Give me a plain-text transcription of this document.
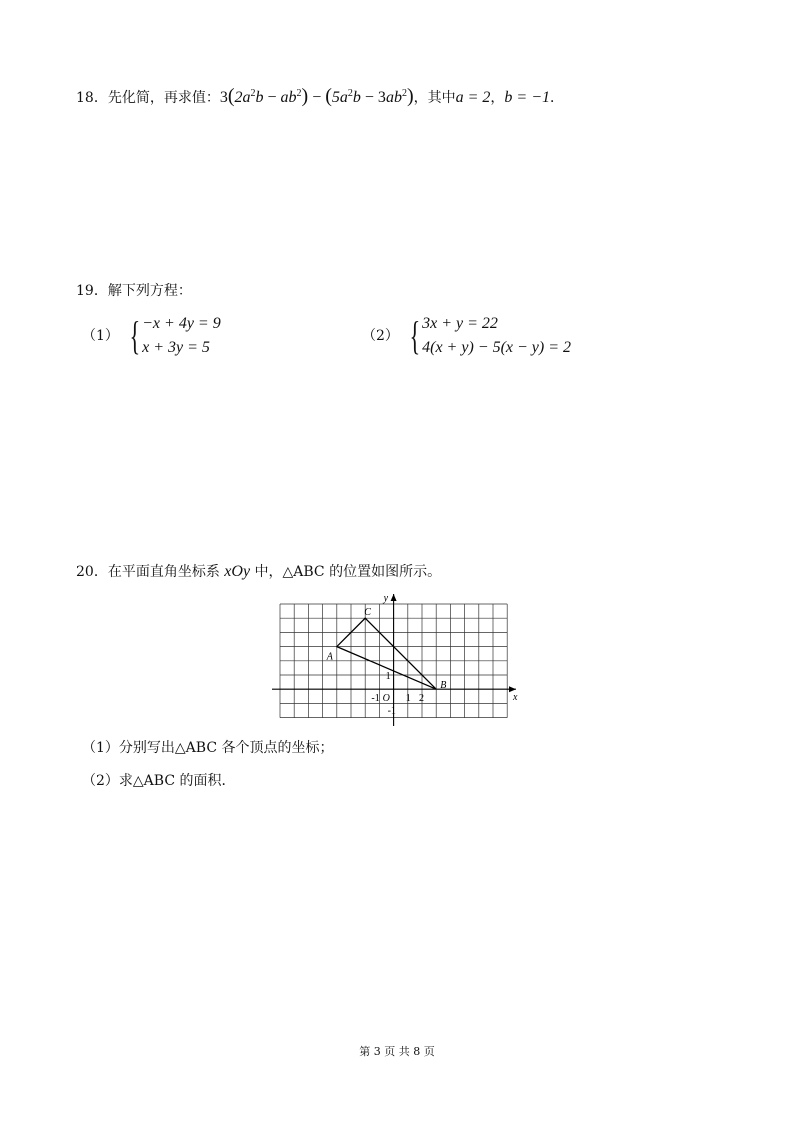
18．先化简，再求值：$3(2a^2b - ab^2) - (5a^2b - 3ab^2)$，其中a = 2，b = −1．
19．解下列方程：
（1） { −x + 4y = 9
x + 3y = 5
（2） { 3x + y = 22
4(x + y) − 5(x − y) = 2
20．在平面直角坐标系 xOy 中，△ABC 的位置如图所示。
A
B
C
x
y
O
-1	1 2
1
-1
（1）分别写出△ABC 各个顶点的坐标；
（2）求△ABC 的面积．
第 3 页 共 8 页
